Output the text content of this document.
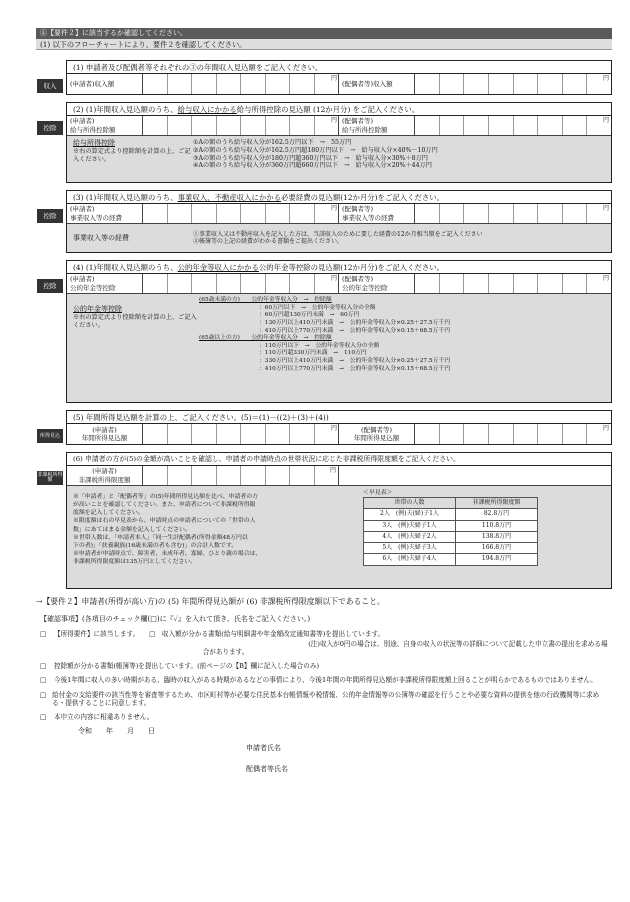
④【要件２】に該当するか確認してください。
(1) 以下のフローチャートにより、要件２を確認してください。
(1) 申請者及び配偶者等それぞれの③の年間収入見込額をご記入ください。
収入	(申請者)収入額
円
(配偶者等)収入額
円
(2) (1)年間収入見込額のうち、給与収入にかかる給与所得控除の見込額 (12か月分) をご記入ください。
控除
(申請者)
給与所得控除額
円 (配偶者等)
給与所得控除額
円
給与所得控除
※右の算定式より控除額を計算の上、ご記入ください。
①Aの額のうち給与収入分が162.5万円以下　→　55万円
②Aの額のうち給与収入分が162.5万円超180万円以下　→　給与収入分×40%－10万円
③Aの額のうち給与収入分が180万円超360万円以下　→　給与収入分×30%＋8万円
④Aの額のうち給与収入分が360万円超660万円以下　→　給与収入分×20%＋44万円
(3) (1)年間収入見込額のうち、事業収入、不動産収入にかかる必要経費の見込額(12か月分)をご記入ください。
控除
(申請者)
事業収入等の経費
円 (配偶者等)
事業収入等の経費
円
事業収入等の経費	①事業収入又は不動産収入を記入した方は、当該収入のために要した経費の12か月相当額をご記入ください
②帳簿等の上記の経費がわかる書類をご提出ください。
(4) (1)年間収入見込額のうち、公的年金等収入にかかる公的年金等控除の見込額(12か月分)をご記入ください。
控除
(申請者)
公的年金等控除
円 (配偶者等)
公的年金等控除
円
公的年金等控除
※右の算定式より控除額を計算の上、ご記入ください。
(65歳未満の方)　　公的年金等収入分　→　控除額
：60万円以下　→　公的年金等収入分の全額
：60万円超130万円未満　→　60万円
：130万円以上410万円未満　→　公的年金等収入分×0.25＋27.5万千円
：410万円以上770万円未満　→　公的年金等収入分×0.15＋68.5万千円
(65歳以上の方)　　公的年金等収入分　→　控除額
：110万円以下　→　公的年金等収入分の全額
：110万円超330万円未満　→　110万円
：330万円以上410万円未満　→　公的年金等収入分×0.25＋27.5万千円
：410万円以上770万円未満　→　公的年金等収入分×0.15＋68.5万千円
(5) 年間所得見込額を計算の上、ご記入ください。(5)＝(1)－((2)＋(3)＋(4))
所得見込
(申請者)
年間所得見込額
円	(配偶者等)
年間所得見込額
円
(6) 申請者の方が(5)の金額が高いことを確認し、申請者の申請時点の世帯状況に応じた非課税所得限度額をご記入ください。
非課税所得額
(申請者)
非課税所得限度額
円
※「申請者」と「配偶者等」の(5)年間所得見込額を比べ、申請者の方
が高いことを確認してください。また、申請者について非課税所得限
度額を記入してください。
※限度額は右の早見表から、申請時点の申請者についての「世帯の人
数」にあてはまる金額を記入してください。
※世帯人数は、「申請者本人」「同一生計配偶者(所得金額48万円以
下の者)」「扶養親族(16歳未満の者も含む)」の合計人数です。
※申請者が申請時点で、障害者、未成年者、寡婦、ひとり親の場合は、
非課税所得限度額は135万円としてください。
＜早見表＞
世帯の人数	非課税所得限度額
2人　(例)夫(婦)子1人	82.8万円
3人　(例)夫婦子1人	110.8万円
4人　(例)夫婦子2人	138.8万円
5人　(例)夫婦子3人	166.8万円
6人　(例)夫婦子4人	194.8万円
→【要件２】申請者(所得が高い方)の (5) 年間所得見込額が (6) 非課税所得限度額以下であること。
【確認事項】(各項目のチェック欄(□)に『✓』を入れて頂き、氏名をご記入ください。)
□	【所得要件】に該当します。　　□　収入額が分かる書類(給与明細書や年金額改定通知書等)を提出しています。
　　　　　　　　　　　　　　　　(注)収入が0円の場合は、別途、自身の収入の状況等の詳細について記載した申立書の提出を求める場合があります。
□	控除額が分かる書類(帳簿等)を提出しています。(前ページの【B】欄に記入した場合のみ)
□	今後1年間に収入の多い時期がある、臨時の収入がある時期があるなどの事情により、今後1年間の年間所得見込額が非課税所得限度額上回ることが明らかであるものではありません。
□ 給付金の支給要件の該当性等を審査等するため、市区町村等が必要な住民基本台帳情報や税情報、公的年金情報等の公簿等の確認を行うことや必要な資料の提供を他の行政機関等に求める・提供することに同意します。
□	本申立の内容に相違ありません。
令和　　年　　月　　日
申請者氏名
配偶者等氏名
